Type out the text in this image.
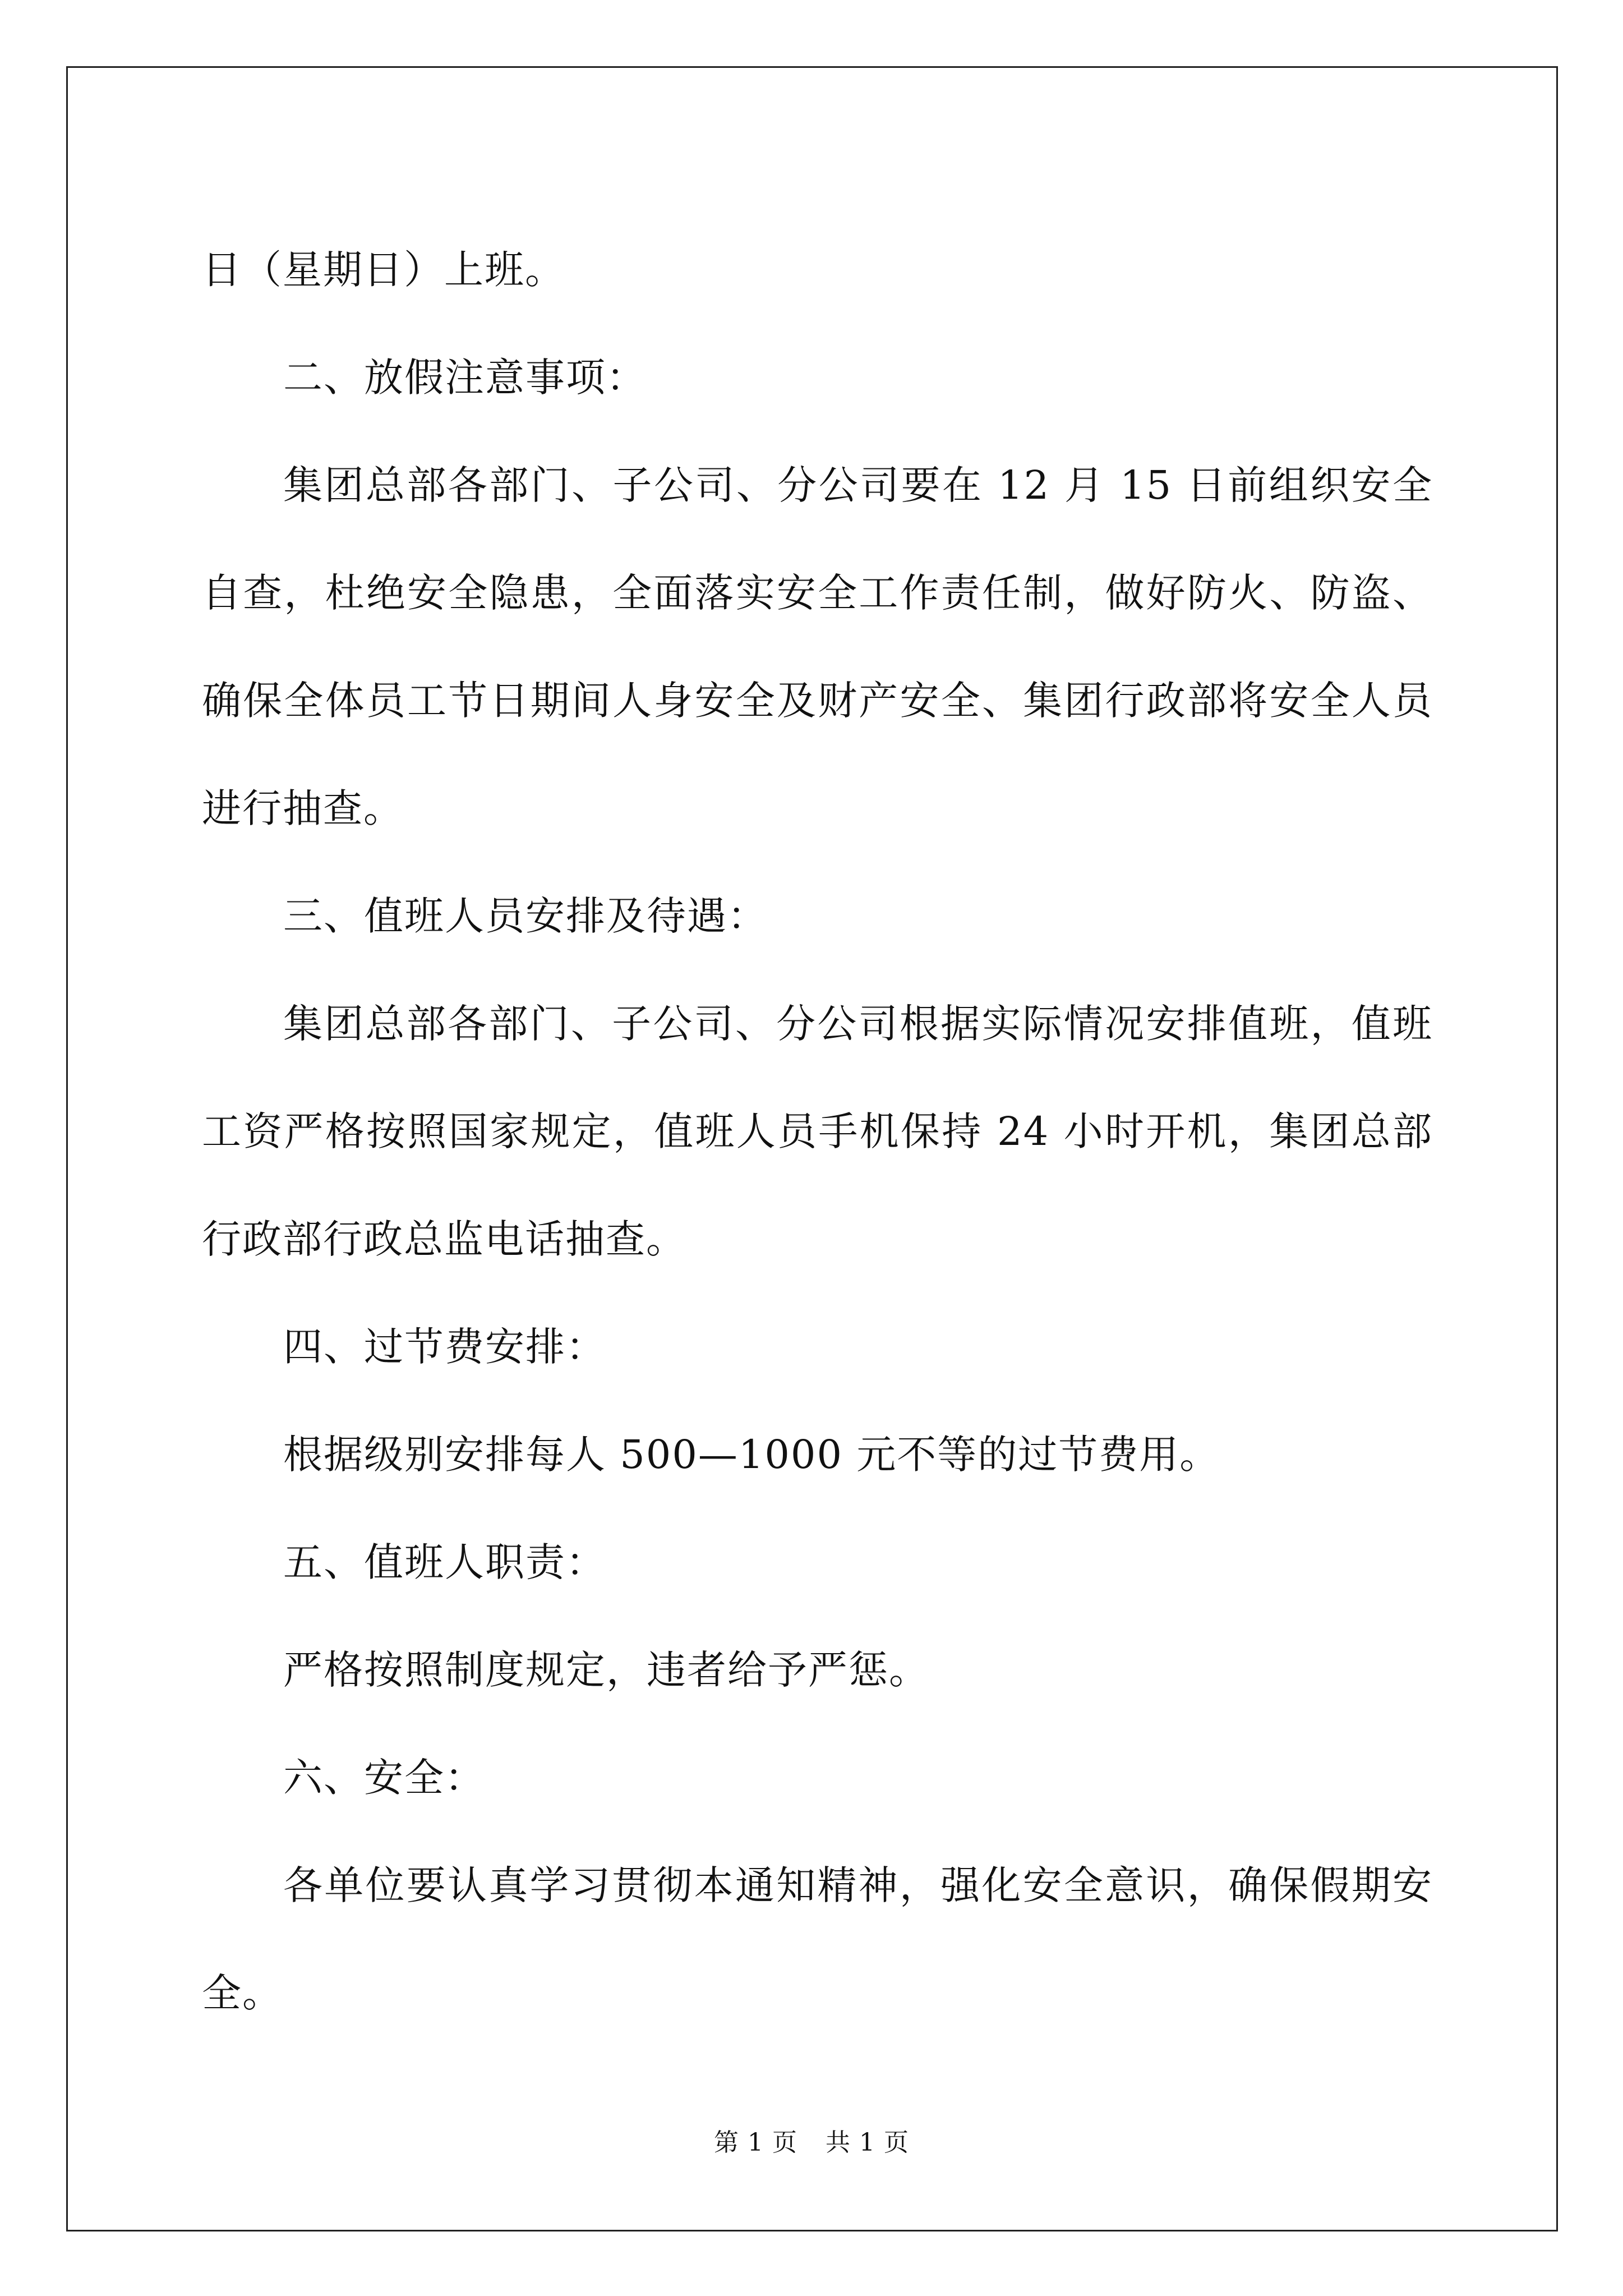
日（星期日）上班。

二、放假注意事项：

集团总部各部门、子公司、分公司要在 12 月 15 日前组织安全自查，杜绝安全隐患，全面落实安全工作责任制，做好防火、防盗、确保全体员工节日期间人身安全及财产安全、集团行政部将安全人员进行抽查。

三、值班人员安排及待遇：

集团总部各部门、子公司、分公司根据实际情况安排值班，值班工资严格按照国家规定，值班人员手机保持 24 小时开机，集团总部行政部行政总监电话抽查。

四、过节费安排：

根据级别安排每人 500—1000 元不等的过节费用。

五、值班人职责：

严格按照制度规定，违者给予严惩。

六、安全：

各单位要认真学习贯彻本通知精神，强化安全意识，确保假期安全。

第 1 页 共 1 页
